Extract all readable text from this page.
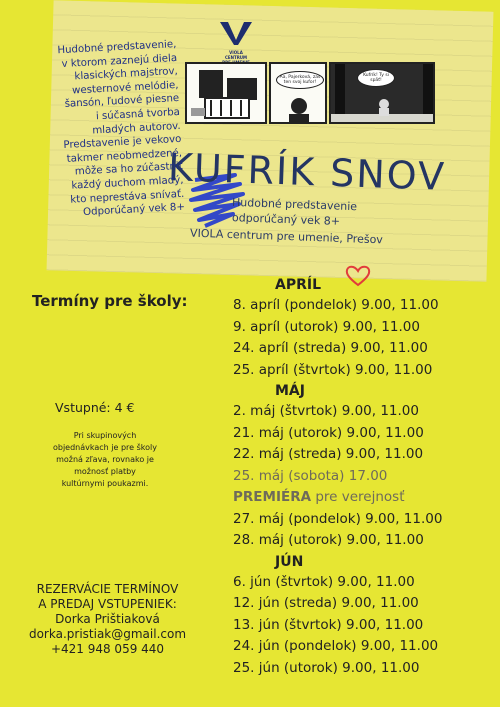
VIOLA
CENTRUM
Aa, Pajerková, zas ten svoj kufor!
Kufrík! Ty si späť!
KUFRÍK SNOV
Hudobné predstavenie
odporúčaný vek 8+
VIOLA centrum pre umenie, Prešov
Hudobné predstavenie,
v ktorom zaznejú diela
klasických majstrov,
westernové melódie,
šansón, ľudové piesne
i súčasná tvorba
mladých autorov.
Predstavenie je vekovo
takmer neobmedzené,
môže sa ho zúčastniť
každý duchom mladý,
kto neprestáva snívať.
Odporúčaný vek 8+
Termíny pre školy:
Vstupné: 4 €
Pri skupinových
objednávkach je pre školy
možná zľava, rovnako je
možnosť platby
kultúrnymi poukazmi.
REZERVÁCIE TERMÍNOV
A PREDAJ VSTUPENIEK:
Dorka Prištiaková
dorka.pristiak@gmail.com
+421 948 059 440
APRÍL
8. apríl (pondelok) 9.00, 11.00
9. apríl (utorok) 9.00, 11.00
24. apríl (streda) 9.00, 11.00
25. apríl (štvrtok) 9.00, 11.00
MÁJ
2. máj (štvrtok) 9.00, 11.00
21. máj (utorok) 9.00, 11.00
22. máj (streda) 9.00, 11.00
25. máj (sobota) 17.00
PREMIÉRA pre verejnosť
27. máj (pondelok) 9.00, 11.00
28. máj (utorok) 9.00, 11.00
JÚN
6. jún (štvrtok) 9.00, 11.00
12. jún (streda) 9.00, 11.00
13. jún (štvrtok) 9.00, 11.00
24. jún (pondelok) 9.00, 11.00
25. jún (utorok) 9.00, 11.00
